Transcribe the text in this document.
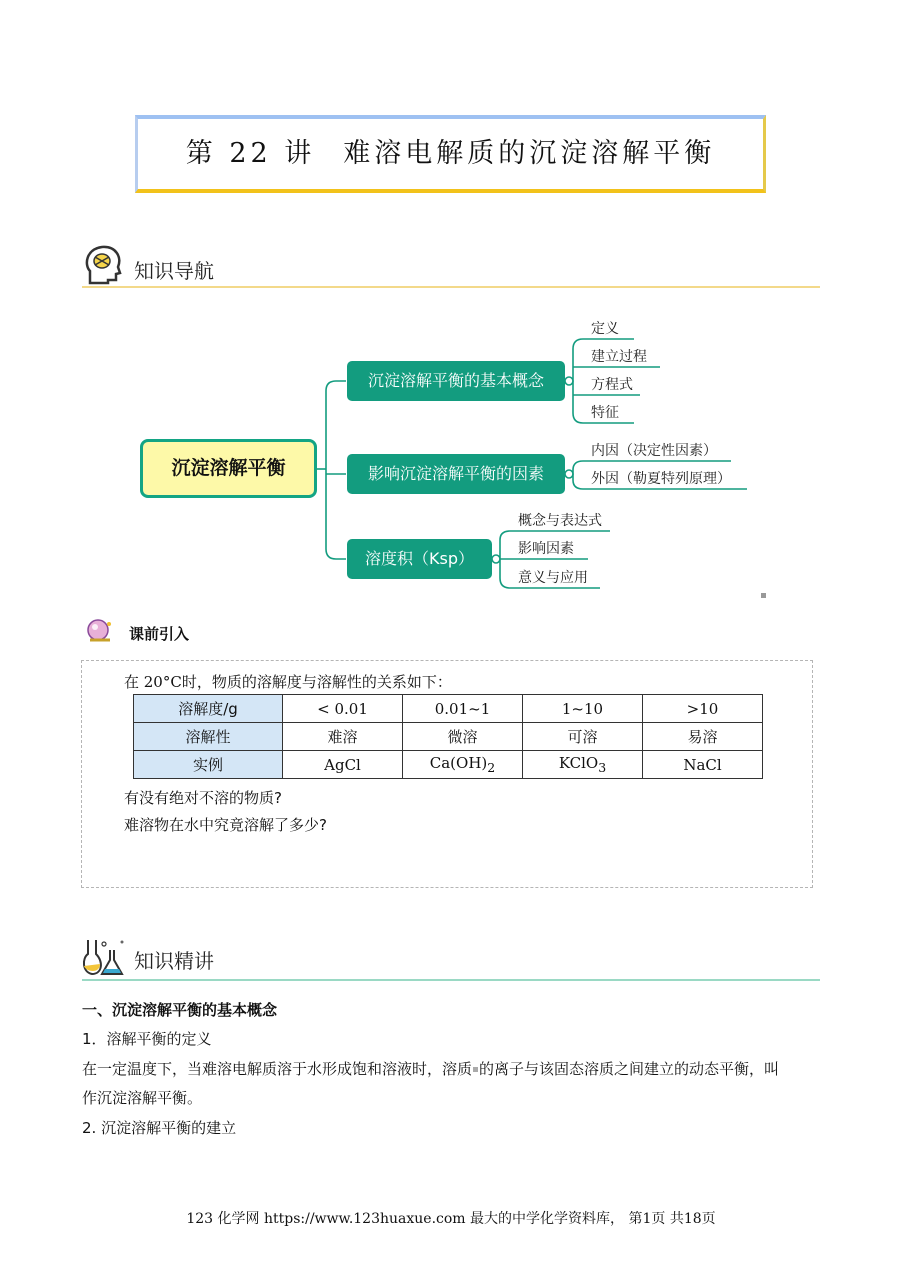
第 22 讲 难溶电解质的沉淀溶解平衡
知识导航
沉淀溶解平衡
沉淀溶解平衡的基本概念
影响沉淀溶解平衡的因素
溶度积（Ksp）
定义
建立过程
方程式
特征
内因（决定性因素）
外因（勒夏特列原理）
概念与表达式
影响因素
意义与应用
课前引入
在 20°C时，物质的溶解度与溶解性的关系如下：
溶解度/g	< 0.01	0.01~1	1~10	>10
溶解性	难溶	微溶	可溶	易溶
实例	AgCl	$Ca(OH)_2$	KClO$_3$	NaCl
有没有绝对不溶的物质?
难溶物在水中究竟溶解了多少?
知识精讲
一、沉淀溶解平衡的基本概念
1．溶解平衡的定义
在一定温度下，当难溶电解质溶于水形成饱和溶液时，溶质 的离子与该固态溶质之间建立的动态平衡，叫
作沉淀溶解平衡。
2. 沉淀溶解平衡的建立
123 化学网 https://www.123huaxue.com 最大的中学化学资料库， 第1页 共18页
